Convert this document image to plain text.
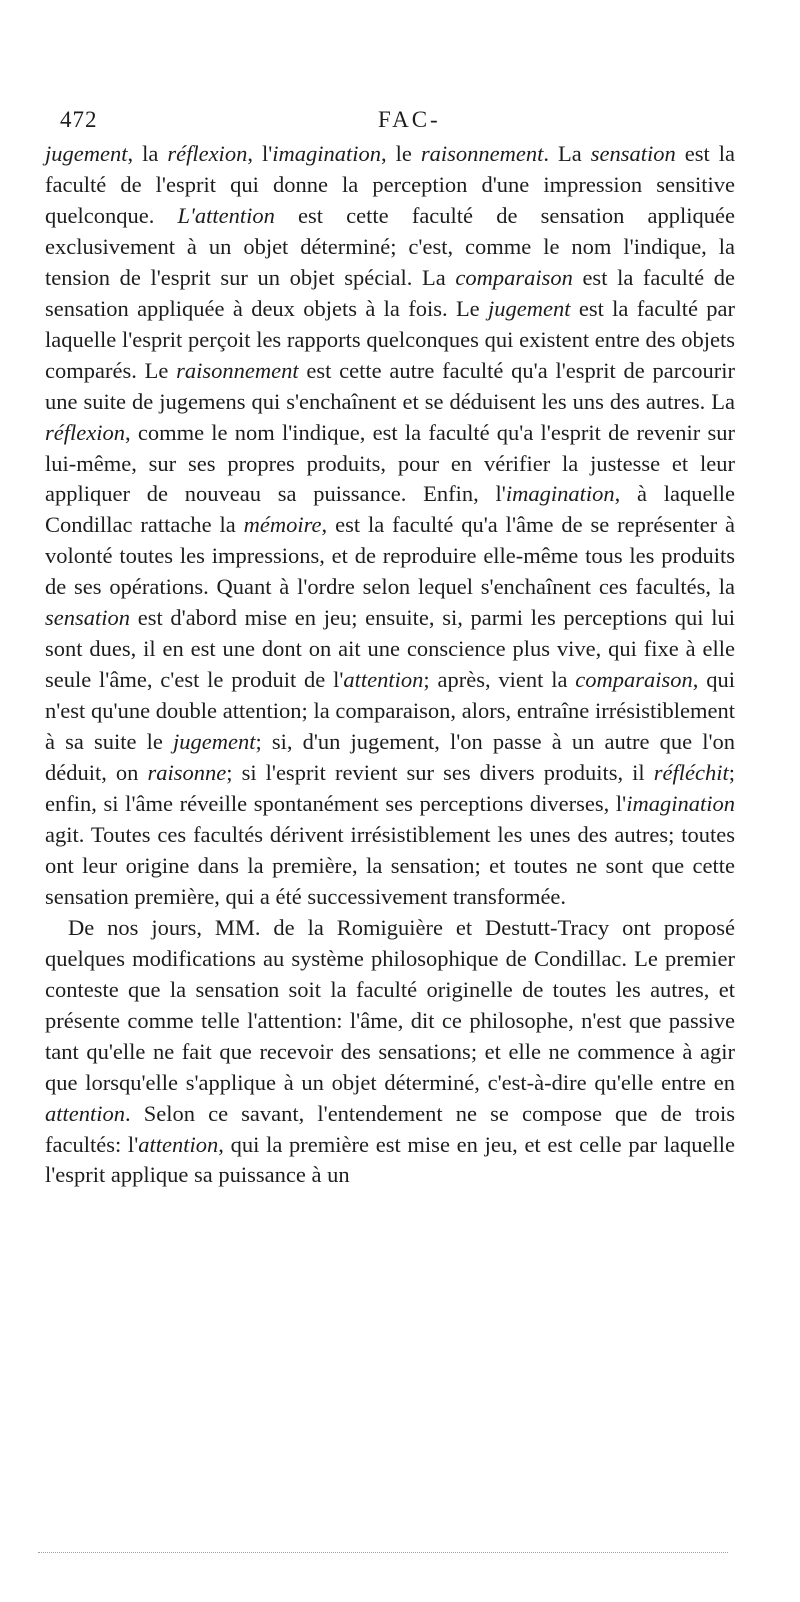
472	FAC-

jugement, la réflexion, l'imagination, le raisonnement. La sensation est la faculté de l'esprit qui donne la perception d'une impression sensitive quelconque. L'attention est cette faculté de sensation appliquée exclusivement à un objet déterminé; c'est, comme le nom l'indique, la tension de l'esprit sur un objet spécial. La comparaison est la faculté de sensation appliquée à deux objets à la fois. Le jugement est la faculté par laquelle l'esprit perçoit les rapports quelconques qui existent entre des objets comparés. Le raisonnement est cette autre faculté qu'a l'esprit de parcourir une suite de jugemens qui s'enchaînent et se déduisent les uns des autres. La réflexion, comme le nom l'indique, est la faculté qu'a l'esprit de revenir sur lui-même, sur ses propres produits, pour en vérifier la justesse et leur appliquer de nouveau sa puissance. Enfin, l'imagination, à laquelle Condillac rattache la mémoire, est la faculté qu'a l'âme de se représenter à volonté toutes les impressions, et de reproduire elle-même tous les produits de ses opérations. Quant à l'ordre selon lequel s'enchaînent ces facultés, la sensation est d'abord mise en jeu; ensuite, si, parmi les perceptions qui lui sont dues, il en est une dont on ait une conscience plus vive, qui fixe à elle seule l'âme, c'est le produit de l'attention; après, vient la comparaison, qui n'est qu'une double attention; la comparaison, alors, entraîne irrésistiblement à sa suite le jugement; si, d'un jugement, l'on passe à un autre que l'on déduit, on raisonne; si l'esprit revient sur ses divers produits, il réfléchit; enfin, si l'âme réveille spontanément ses perceptions diverses, l'imagination agit. Toutes ces facultés dérivent irrésistiblement les unes des autres; toutes ont leur origine dans la première, la sensation; et toutes ne sont que cette sensation première, qui a été successivement transformée.

De nos jours, MM. de la Romiguière et Destutt-Tracy ont proposé quelques modifications au système philosophique de Condillac. Le premier conteste que la sensation soit la faculté originelle de toutes les autres, et présente comme telle l'attention: l'âme, dit ce philosophe, n'est que passive tant qu'elle ne fait que recevoir des sensations; et elle ne commence à agir que lorsqu'elle s'applique à un objet déterminé, c'est-à-dire qu'elle entre en attention. Selon ce savant, l'entendement ne se compose que de trois facultés: l'attention, qui la première est mise en jeu, et est celle par laquelle l'esprit applique sa puissance à un
